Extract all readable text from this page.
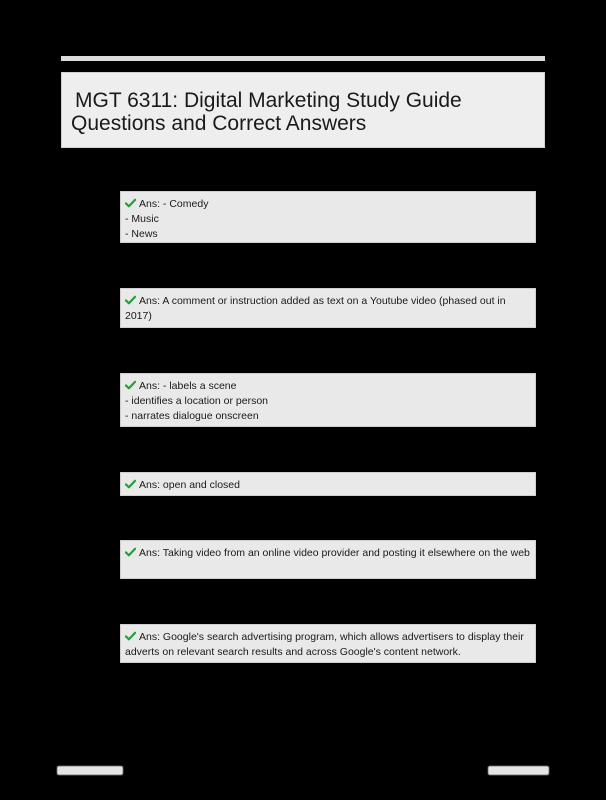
MGT 6311: Digital Marketing Study Guide
Questions and Correct Answers
Ans: - Comedy
- Music
- News
Ans: A comment or instruction added as text on a Youtube video (phased out in 2017)
Ans: - labels a scene
- identifies a location or person
- narrates dialogue onscreen
Ans: open and closed
Ans: Taking video from an online video provider and posting it elsewhere on the web
Ans: Google's search advertising program, which allows advertisers to display their adverts on relevant search results and across Google's content network.
